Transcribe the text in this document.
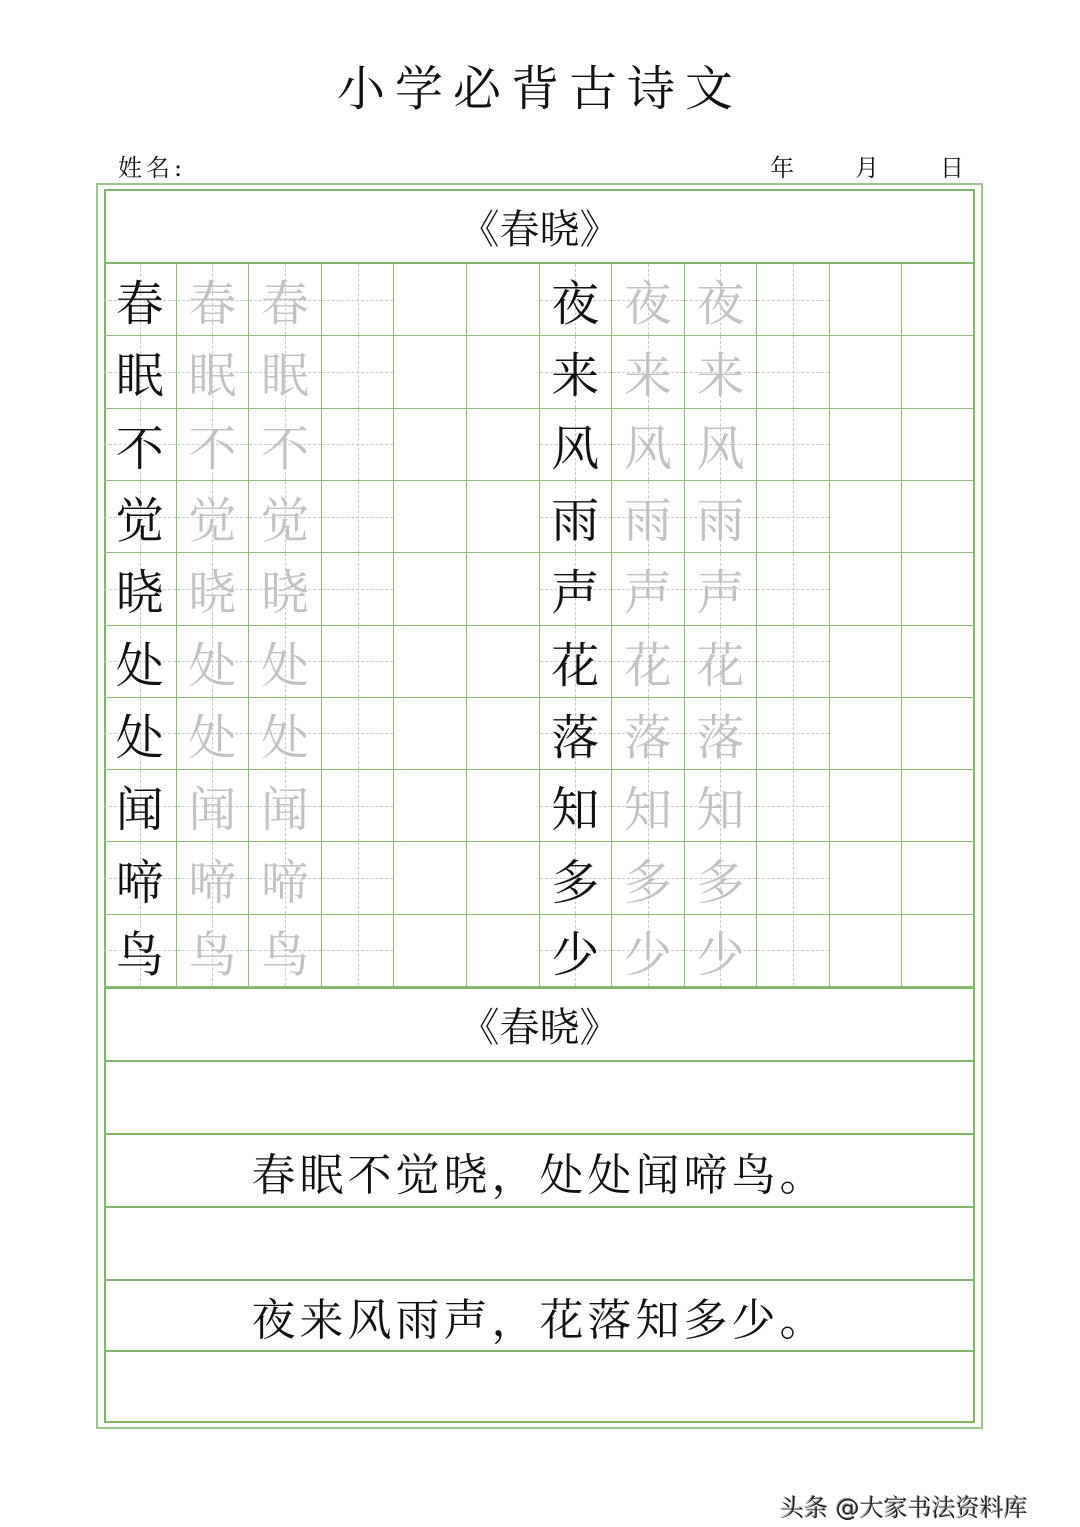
小学必背古诗文
姓名:	年	月	日
《春晓》
春 春 春	夜 夜 夜
眠 眠 眠	来 来 来
不 不 不	风 风 风
觉 觉 觉	雨 雨 雨
晓 晓 晓	声 声 声
处 处 处	花 花 花
处 处 处	落 落 落
闻 闻 闻	知 知 知
啼 啼 啼	多 多 多
鸟 鸟 鸟	少 少 少
《春晓》
春眠不觉晓，处处闻啼鸟。
夜来风雨声，花落知多少。
头条 @大家书法资料库
